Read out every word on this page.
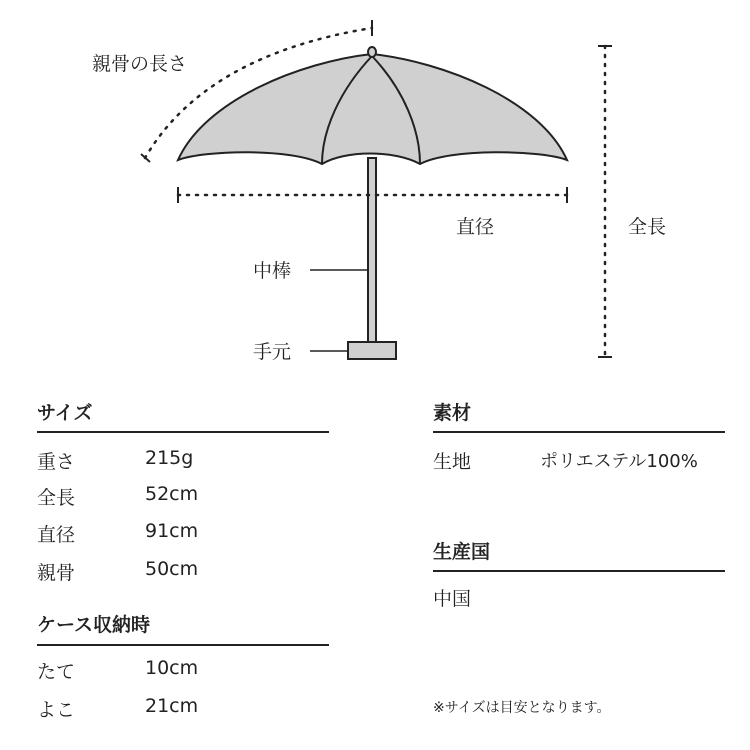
親骨の長さ
直径	全長
中棒
手元
サイズ
重さ	215g
全長	52cm
直径	91cm
親骨	50cm
ケース収納時
たて	10cm
よこ	21cm
素材
生地	ポリエステル100%
生産国
中国
※サイズは目安となります。
